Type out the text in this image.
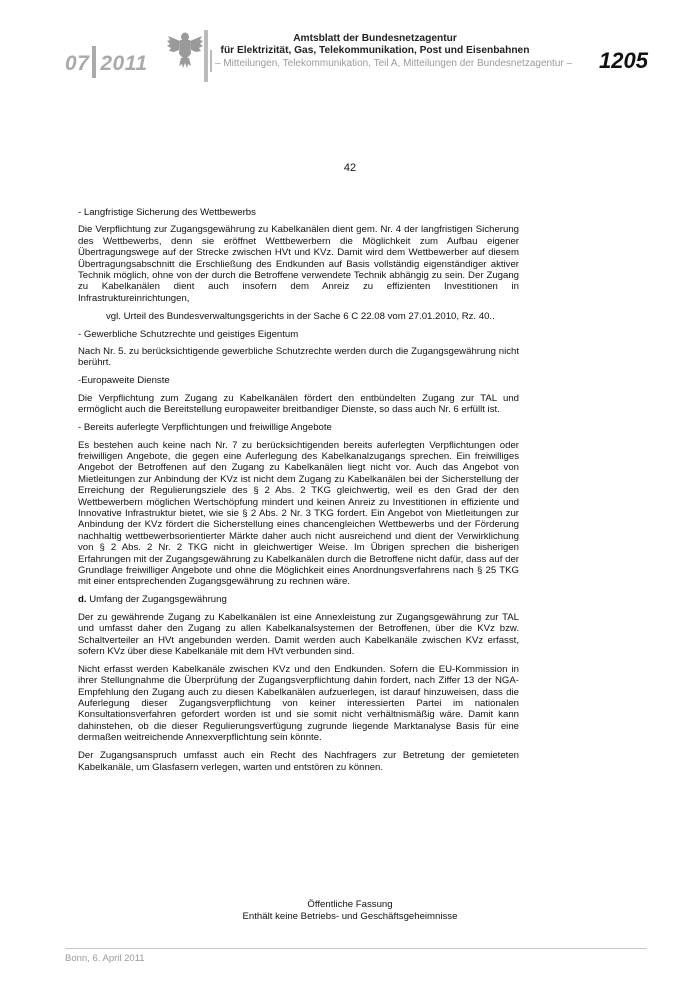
07 2011
Amtsblatt der Bundesnetzagentur
für Elektrizität, Gas, Telekommunikation, Post und Eisenbahnen
– Mitteilungen, Telekommunikation, Teil A, Mitteilungen der Bundesnetzagentur – 1205
42

- Langfristige Sicherung des Wettbewerbs

Die Verpflichtung zur Zugangsgewährung zu Kabelkanälen dient gem. Nr. 4 der langfristigen Sicherung des Wettbewerbs, denn sie eröffnet Wettbewerbern die Möglichkeit zum Aufbau eigener Übertragungswege auf der Strecke zwischen HVt und KVz. Damit wird dem Wettbewerber auf diesem Übertragungsabschnitt die Erschließung des Endkunden auf Basis vollständig eigenständiger aktiver Technik möglich, ohne von der durch die Betroffene verwendete Technik abhängig zu sein. Der Zugang zu Kabelkanälen dient auch insofern dem Anreiz zu effizienten Investitionen in Infrastruktureinrichtungen,

vgl. Urteil des Bundesverwaltungsgerichts in der Sache 6 C 22.08 vom 27.01.2010, Rz. 40..

- Gewerbliche Schutzrechte und geistiges Eigentum

Nach Nr. 5. zu berücksichtigende gewerbliche Schutzrechte werden durch die Zugangsgewährung nicht berührt.

-Europaweite Dienste

Die Verpflichtung zum Zugang zu Kabelkanälen fördert den entbündelten Zugang zur TAL und ermöglicht auch die Bereitstellung europaweiter breitbandiger Dienste, so dass auch Nr. 6 erfüllt ist.

- Bereits auferlegte Verpflichtungen und freiwillige Angebote

Es bestehen auch keine nach Nr. 7 zu berücksichtigenden bereits auferlegten Verpflichtungen oder freiwilligen Angebote, die gegen eine Auferlegung des Kabelkanalzugangs sprechen. Ein freiwilliges Angebot der Betroffenen auf den Zugang zu Kabelkanälen liegt nicht vor. Auch das Angebot von Mietleitungen zur Anbindung der KVz ist nicht dem Zugang zu Kabelkanälen bei der Sicherstellung der Erreichung der Regulierungsziele des § 2 Abs. 2 TKG gleichwertig, weil es den Grad der den Wettbewerbern möglichen Wertschöpfung mindert und keinen Anreiz zu Investitionen in effiziente und Innovative Infrastruktur bietet, wie sie § 2 Abs. 2 Nr. 3 TKG fordert. Ein Angebot von Mietleitungen zur Anbindung der KVz fördert die Sicherstellung eines chancengleichen Wettbewerbs und der Förderung nachhaltig wettbewerbsorientierter Märkte daher auch nicht ausreichend und dient der Verwirklichung von § 2 Abs. 2 Nr. 2 TKG nicht in gleichwertiger Weise. Im Übrigen sprechen die bisherigen Erfahrungen mit der Zugangsgewährung zu Kabelkanälen durch die Betroffene nicht dafür, dass auf der Grundlage freiwilliger Angebote und ohne die Möglichkeit eines Anordnungsverfahrens nach § 25 TKG mit einer entsprechenden Zugangsgewährung zu rechnen wäre.

d. Umfang der Zugangsgewährung

Der zu gewährende Zugang zu Kabelkanälen ist eine Annexleistung zur Zugangsgewährung zur TAL und umfasst daher den Zugang zu allen Kabelkanalsystemen der Betroffenen, über die KVz bzw. Schaltverteiler an HVt angebunden werden. Damit werden auch Kabelkanäle zwischen KVz erfasst, sofern KVz über diese Kabelkanäle mit dem HVt verbunden sind.

Nicht erfasst werden Kabelkanäle zwischen KVz und den Endkunden. Sofern die EU-Kommission in ihrer Stellungnahme die Überprüfung der Zugangsverpflichtung dahin fordert, nach Ziffer 13 der NGA-Empfehlung den Zugang auch zu diesen Kabelkanälen aufzuerlegen, ist darauf hinzuweisen, dass die Auferlegung dieser Zugangsverpflichtung von keiner interessierten Partei im nationalen Konsultationsverfahren gefordert worden ist und sie somit nicht verhältnismäßig wäre. Damit kann dahinstehen, ob die dieser Regulierungsverfügung zugrunde liegende Marktanalyse Basis für eine dermaßen weitreichende Annexverpflichtung sein könnte.

Der Zugangsanspruch umfasst auch ein Recht des Nachfragers zur Betretung der gemieteten Kabelkanäle, um Glasfasern verlegen, warten und entstören zu können.

Öffentliche Fassung
Enthält keine Betriebs- und Geschäftsgeheimnisse
Bonn, 6. April 2011
